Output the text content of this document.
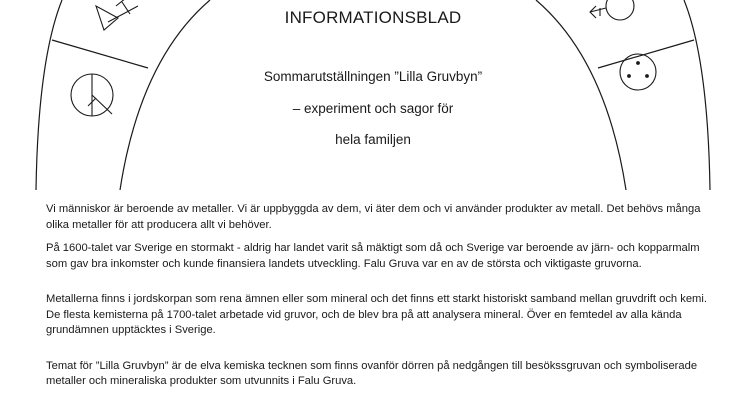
INFORMATIONSBLAD
Sommarutställningen ”Lilla Gruvbyn”
– experiment och sagor för
hela familjen

Vi människor är beroende av metaller. Vi är uppbyggda av dem, vi äter dem och vi använder produkter av metall. Det behövs många olika metaller för att producera allt vi behöver.

På 1600-talet var Sverige en stormakt - aldrig har landet varit så mäktigt som då och Sverige var beroende av järn- och kopparmalm som gav bra inkomster och kunde finansiera landets utveckling. Falu Gruva var en av de största och viktigaste gruvorna.

Metallerna finns i jordskorpan som rena ämnen eller som mineral och det finns ett starkt historiskt samband mellan gruvdrift och kemi. De flesta kemisterna på 1700-talet arbetade vid gruvor, och de blev bra på att analysera mineral. Över en femtedel av alla kända grundämnen upptäcktes i Sverige.

Temat för ”Lilla Gruvbyn” är de elva kemiska tecknen som finns ovanför dörren på nedgången till besökssgruvan och symboliserade metaller och mineraliska produkter som utvunnits i Falu Gruva.
